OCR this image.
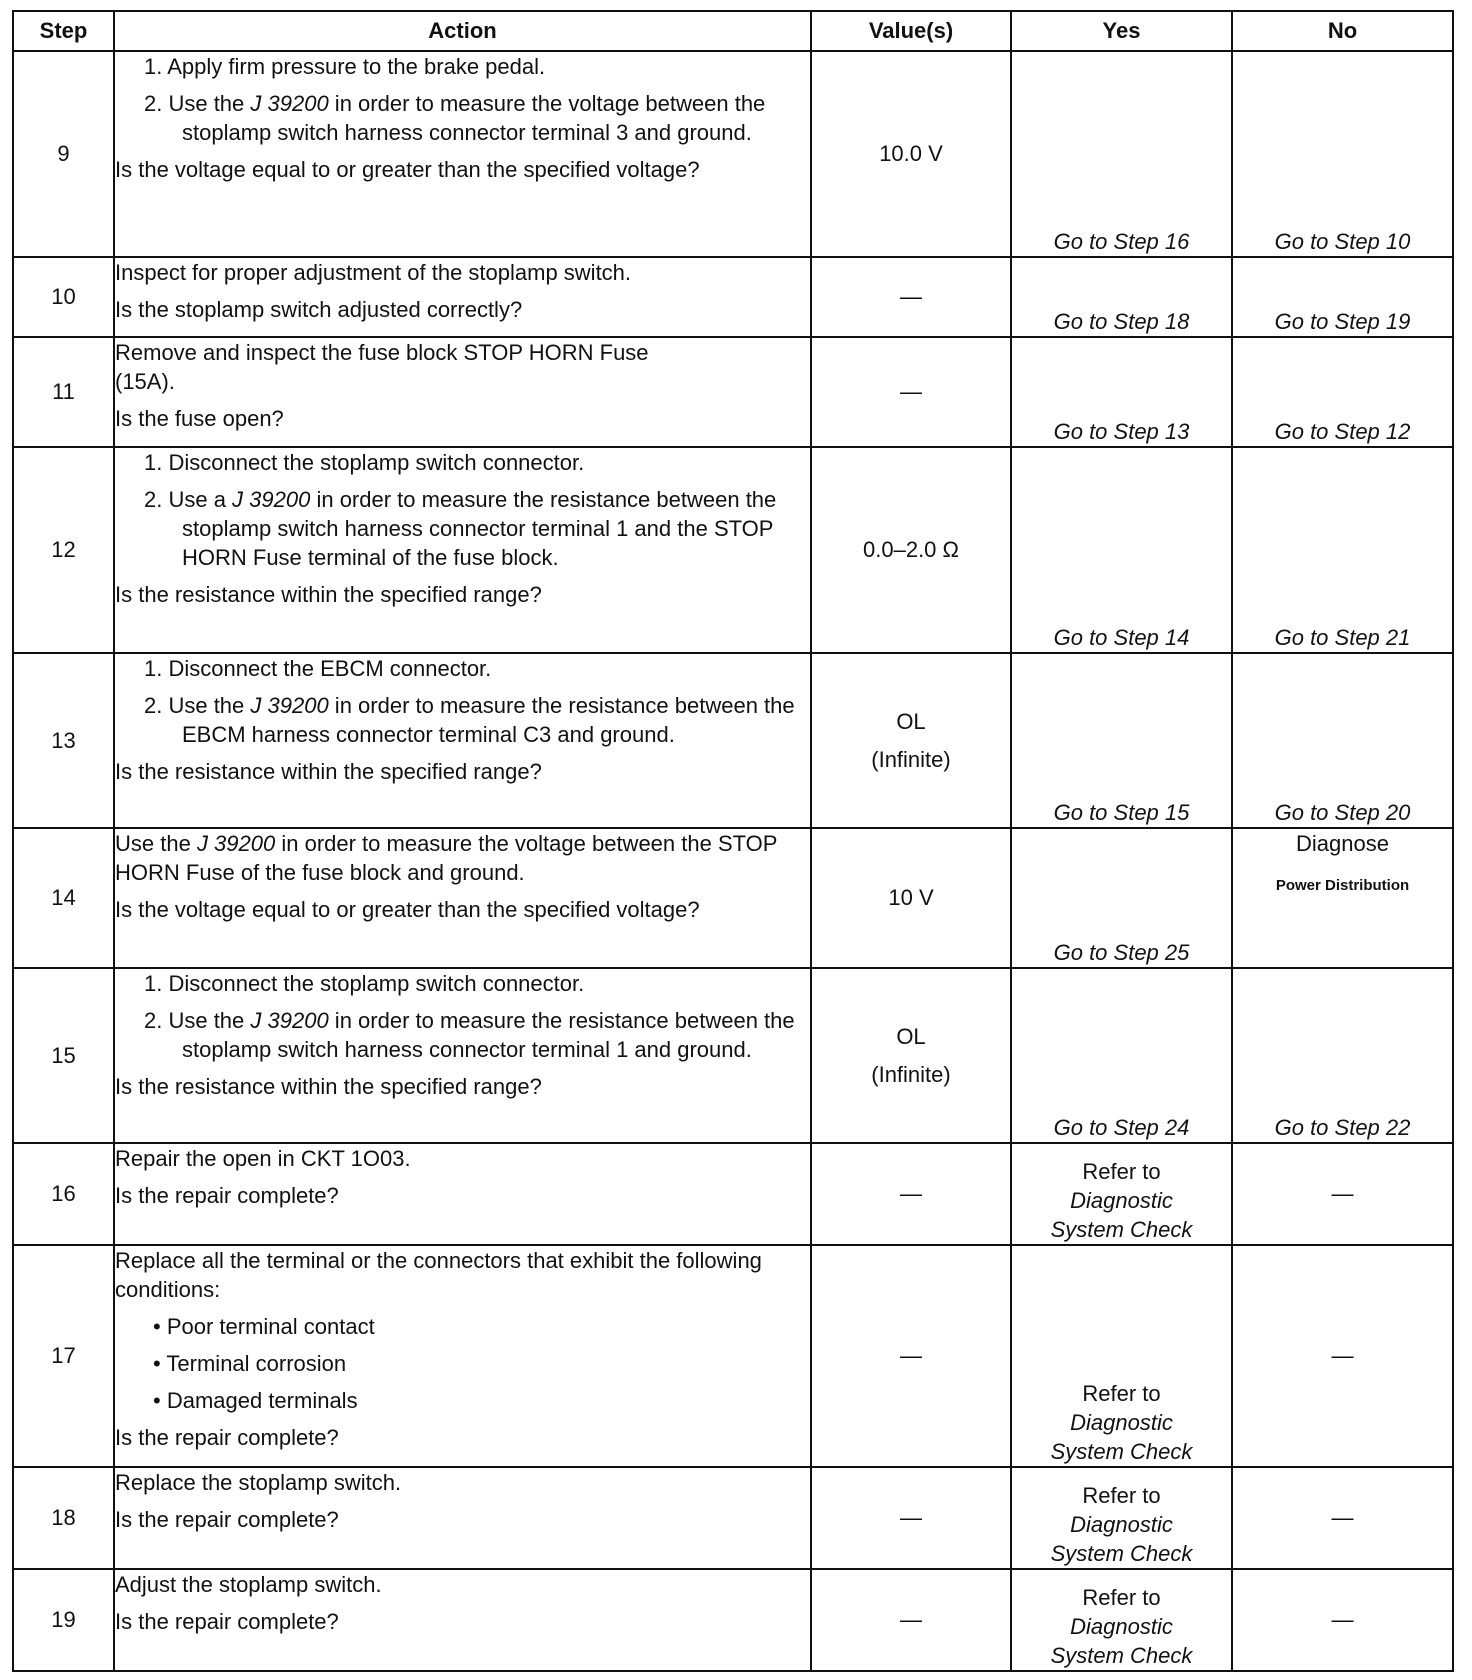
Step	Action	Value(s)	Yes	No
9	1. Apply firm pressure to the brake pedal.
2. Use the J 39200 in order to measure the voltage between the stoplamp switch harness connector terminal 3 and ground.
Is the voltage equal to or greater than the specified voltage?	10.0 V	Go to Step 16	Go to Step 10
10	Inspect for proper adjustment of the stoplamp switch.
Is the stoplamp switch adjusted correctly?	—	Go to Step 18	Go to Step 19
11	Remove and inspect the fuse block STOP HORN Fuse (15A).
Is the fuse open?	—	Go to Step 13	Go to Step 12
12	1. Disconnect the stoplamp switch connector.
2. Use a J 39200 in order to measure the resistance between the stoplamp switch harness connector terminal 1 and the STOP HORN Fuse terminal of the fuse block.
Is the resistance within the specified range?	0.0–2.0 Ω	Go to Step 14	Go to Step 21
13	1. Disconnect the EBCM connector.
2. Use the J 39200 in order to measure the resistance between the EBCM harness connector terminal C3 and ground.
Is the resistance within the specified range?	OL
(Infinite)	Go to Step 15	Go to Step 20
14	Use the J 39200 in order to measure the voltage between the STOP HORN Fuse of the fuse block and ground.
Is the voltage equal to or greater than the specified voltage?	10 V	Go to Step 25	Diagnose
Power Distribution

15	1. Disconnect the stoplamp switch connector.
2. Use the J 39200 in order to measure the resistance between the stoplamp switch harness connector terminal 1 and ground.
Is the resistance within the specified range?	OL
(Infinite)	Go to Step 24	Go to Step 22
16	Repair the open in CKT 1O03.
Is the repair complete?	—	Refer to
Diagnostic
System Check	—
17	Replace all the terminal or the connectors that exhibit the following conditions:
• Poor terminal contact
• Terminal corrosion
• Damaged terminals
Is the repair complete?	—	Refer to
Diagnostic
System Check	—
18	Replace the stoplamp switch.
Is the repair complete?	—	Refer to
Diagnostic
System Check	—
19	Adjust the stoplamp switch.
Is the repair complete?	—	Refer to
Diagnostic
System Check	—
